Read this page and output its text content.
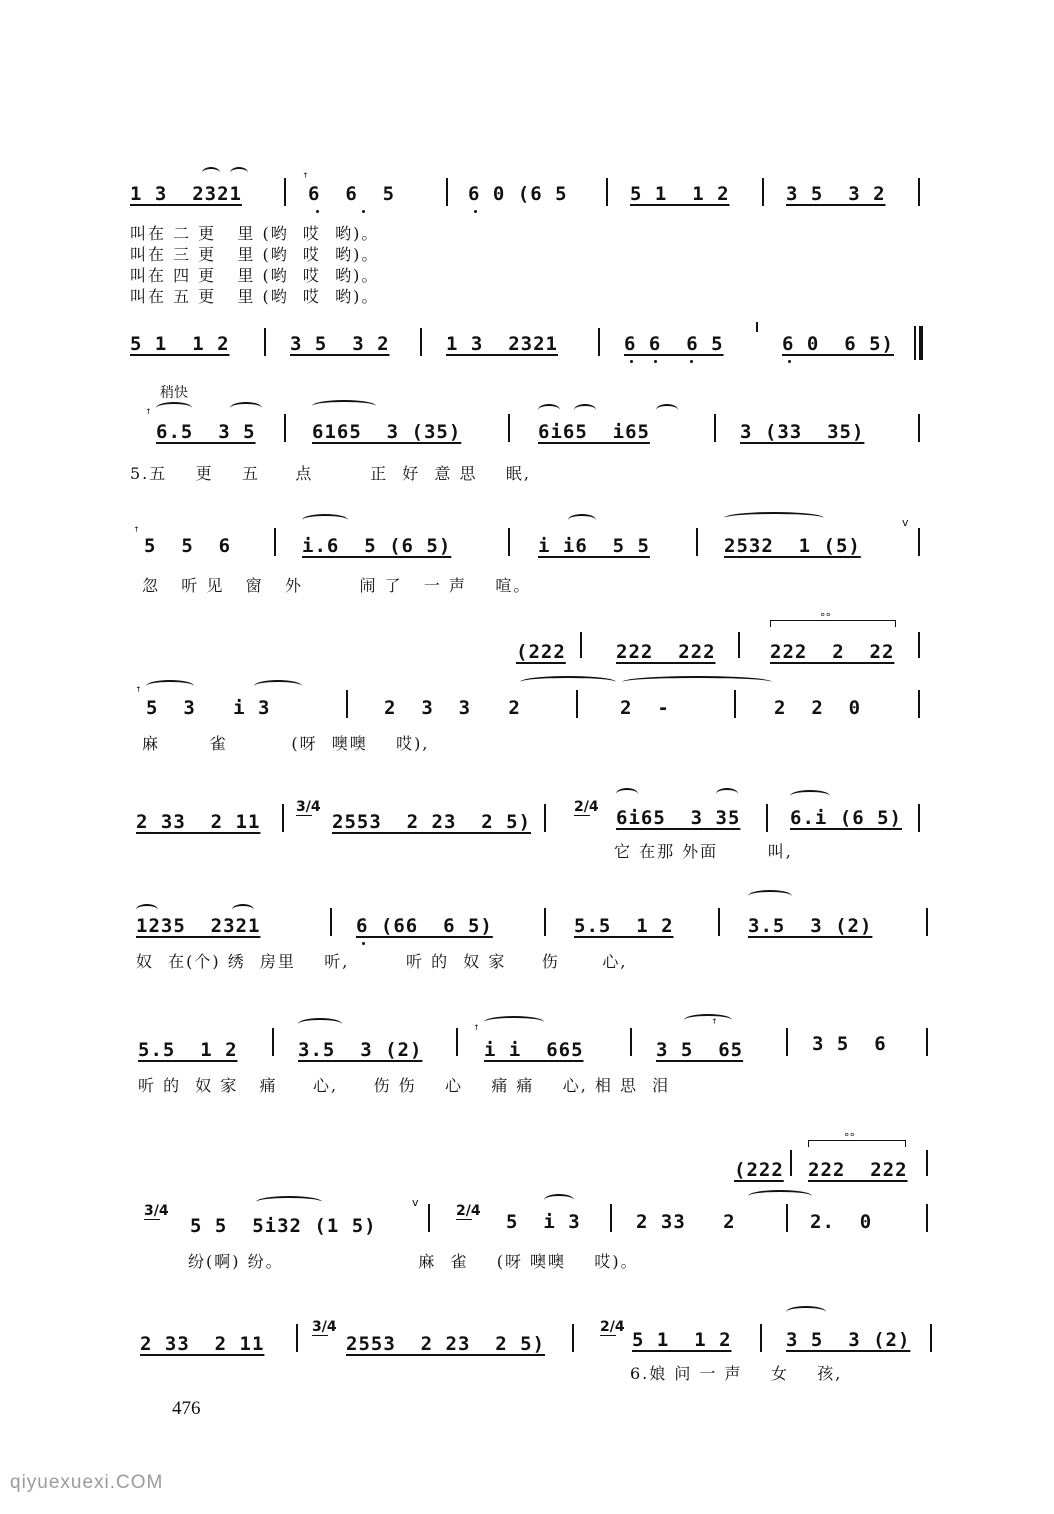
1 3  2321
ꜛ
6  6  5	6 0 (6 5	5 1  1 2	3 5  3 2
叫在 二 更   里 (哟  哎  哟)。
叫在 三 更   里 (哟  哎  哟)。
叫在 四 更   里 (哟  哎  哟)。
叫在 五 更   里 (哟  哎  哟)。
5 1  1 2	3 5  3 2	1 3  2321	6 6  6 5	6 0  6 5)
稍快
ꜛ
6.5  3 5	6165  3 (35)	6i65  i65	3 (33  35)
5.五    更    五     点        正  好  意 思    眠,
ꜛ
5  5  6	i.6  5 (6 5)	i i6  5 5	2532  1 (5)
v
忽   听 见   窗   外        闹 了   一 声    喧。
(222	222  222
°°
222  2  22
ꜛ
5  3   i 3	2  3  3   2	2  -	2  2  0
麻       雀         (呀  噢噢    哎),
2 33  2 11
3/4
2553  2 23  2 5)
2/4 6i65  3 35	6.i (6 5)
它 在那 外面       叫,
1235  2321	6 (66  6 5)	5.5  1 2	3.5  3 (2)
奴  在(个) 绣  房里    听,        听 的  奴 家     伤      心,
5.5  1 2	3.5  3 (2)
ꜛ
i i  665
ꜛ
3 5  65	3 5  6
听 的  奴 家   痛     心,     伤 伤    心    痛 痛    心, 相 思  泪
(222
°°
222  222
3/4
5 5  5i32 (1 5)
v
2/4 5  i 3	2 33   2	2.  0
纷(啊) 纷。                   麻  雀    (呀 噢噢    哎)。
2 33  2 11
3/4
2553  2 23  2 5)
2/4
5 1  1 2	3 5  3 (2)
6.娘 问 一 声    女    孩,
476
qiyuexuexi.COM
